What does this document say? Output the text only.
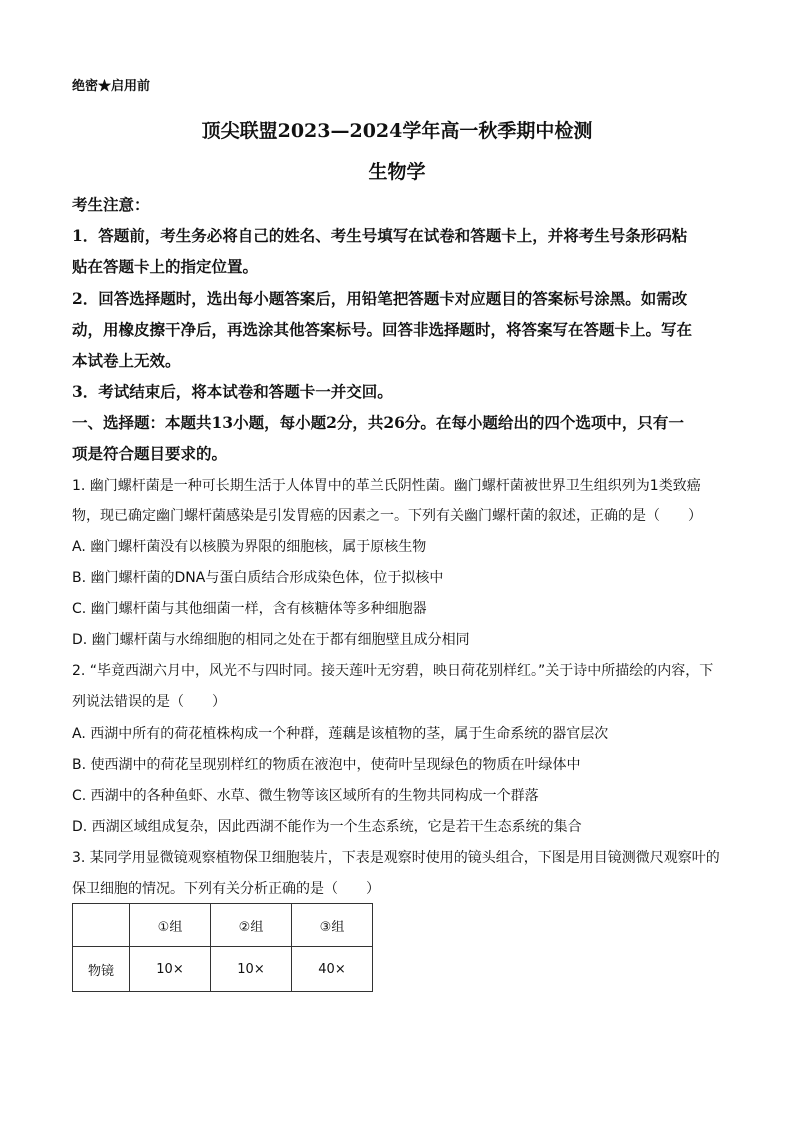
绝密★启用前
顶尖联盟2023—2024学年高一秋季期中检测
生物学
考生注意：
1．答题前，考生务必将自己的姓名、考生号填写在试卷和答题卡上，并将考生号条形码粘
贴在答题卡上的指定位置。
2．回答选择题时，选出每小题答案后，用铅笔把答题卡对应题目的答案标号涂黑。如需改
动，用橡皮擦干净后，再选涂其他答案标号。回答非选择题时，将答案写在答题卡上。写在
本试卷上无效。
3．考试结束后，将本试卷和答题卡一并交回。
一、选择题：本题共13小题，每小题2分，共26分。在每小题给出的四个选项中，只有一
项是符合题目要求的。
1. 幽门螺杆菌是一种可长期生活于人体胃中的革兰氏阴性菌。幽门螺杆菌被世界卫生组织列为1类致癌
物，现已确定幽门螺杆菌感染是引发胃癌的因素之一。下列有关幽门螺杆菌的叙述，正确的是（　　）
A. 幽门螺杆菌没有以核膜为界限的细胞核，属于原核生物
B. 幽门螺杆菌的DNA与蛋白质结合形成染色体，位于拟核中
C. 幽门螺杆菌与其他细菌一样，含有核糖体等多种细胞器
D. 幽门螺杆菌与水绵细胞的相同之处在于都有细胞壁且成分相同
2. “毕竟西湖六月中，风光不与四时同。接天莲叶无穷碧，映日荷花别样红。”关于诗中所描绘的内容，下
列说法错误的是（　　）
A. 西湖中所有的荷花植株构成一个种群，莲藕是该植物的茎，属于生命系统的器官层次
B. 使西湖中的荷花呈现别样红的物质在液泡中，使荷叶呈现绿色的物质在叶绿体中
C. 西湖中的各种鱼虾、水草、微生物等该区域所有的生物共同构成一个群落
D. 西湖区域组成复杂，因此西湖不能作为一个生态系统，它是若干生态系统的集合
3. 某同学用显微镜观察植物保卫细胞装片，下表是观察时使用的镜头组合，下图是用目镜测微尺观察叶的
保卫细胞的情况。下列有关分析正确的是（　　）
	①组	②组	③组
物镜	10×	10×	40×
